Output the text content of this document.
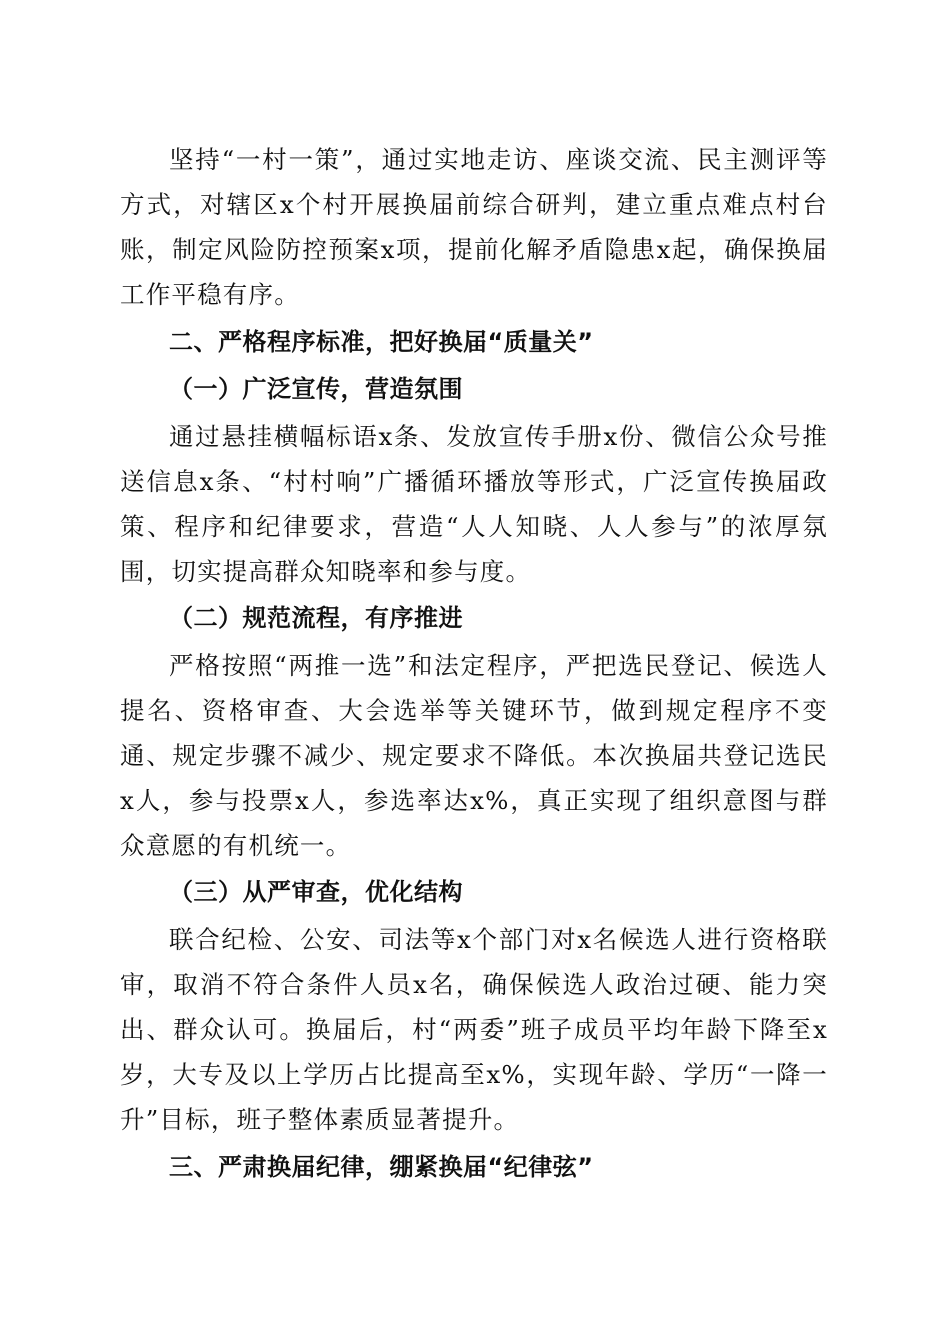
坚持“一村一策”，通过实地走访、座谈交流、民主测评等方式，对辖区x个村开展换届前综合研判，建立重点难点村台账，制定风险防控预案x项，提前化解矛盾隐患x起，确保换届工作平稳有序。

二、严格程序标准，把好换届“质量关”
（一）广泛宣传，营造氛围

通过悬挂横幅标语x条、发放宣传手册x份、微信公众号推送信息x条、“村村响”广播循环播放等形式，广泛宣传换届政策、程序和纪律要求，营造“人人知晓、人人参与”的浓厚氛围，切实提高群众知晓率和参与度。

（二）规范流程，有序推进

严格按照“两推一选”和法定程序，严把选民登记、候选人提名、资格审查、大会选举等关键环节，做到规定程序不变通、规定步骤不减少、规定要求不降低。本次换届共登记选民x人，参与投票x人，参选率达x%，真正实现了组织意图与群众意愿的有机统一。

（三）从严审查，优化结构

联合纪检、公安、司法等x个部门对x名候选人进行资格联审，取消不符合条件人员x名，确保候选人政治过硬、能力突出、群众认可。换届后，村“两委”班子成员平均年龄下降至x岁，大专及以上学历占比提高至x%，实现年龄、学历“一降一升”目标，班子整体素质显著提升。

三、严肃换届纪律，绷紧换届“纪律弦”
